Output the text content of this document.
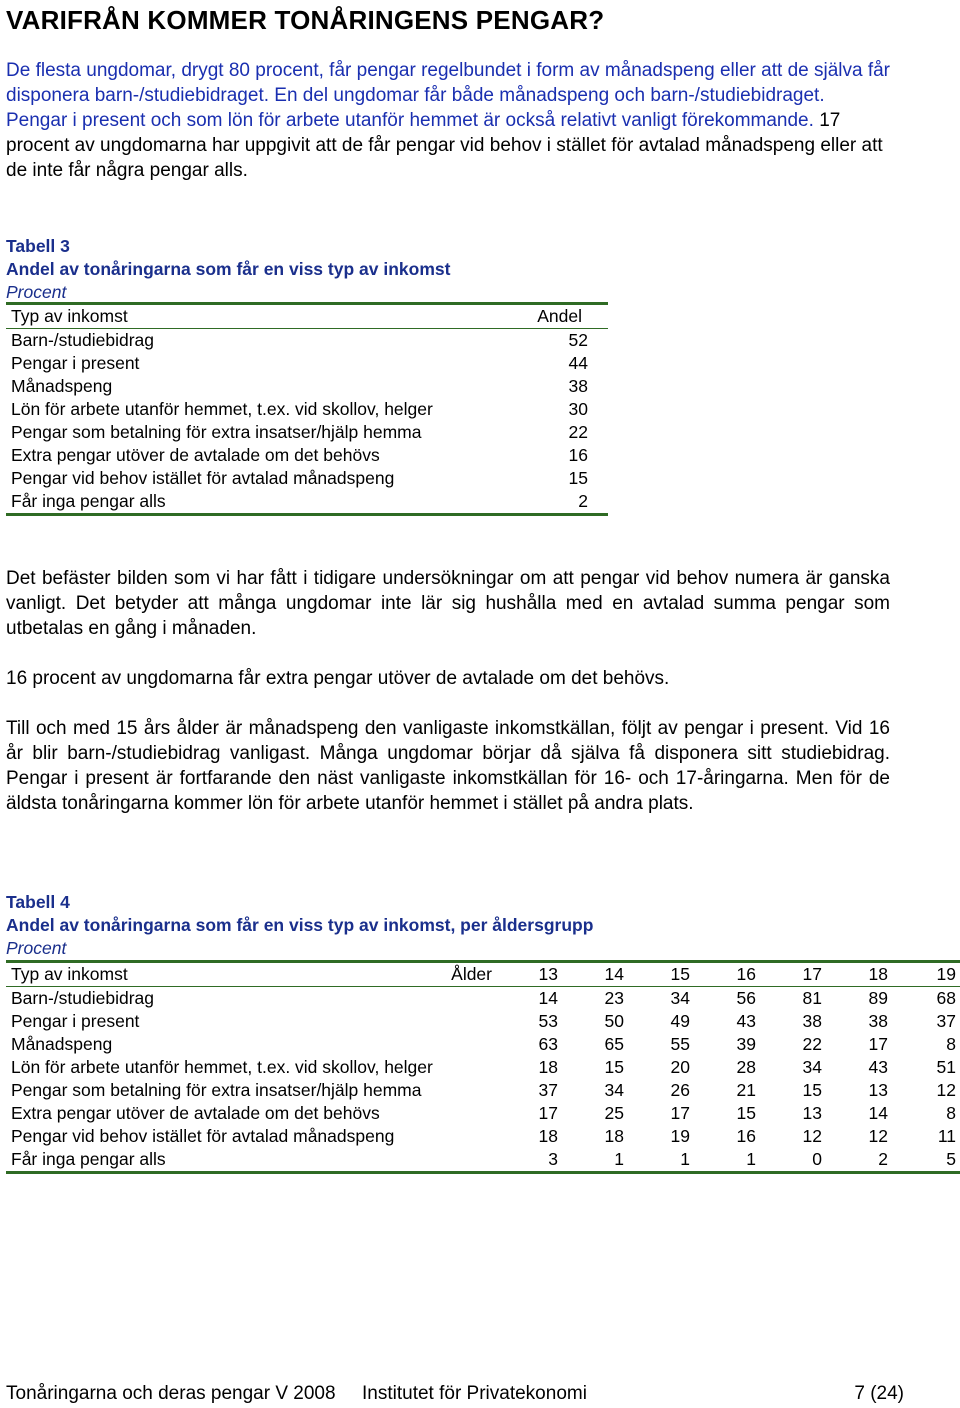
VARIFRÅN KOMMER TONÅRINGENS PENGAR?

De flesta ungdomar, drygt 80 procent, får pengar regelbundet i form av månadspeng eller att de själva får disponera barn-/studiebidraget. En del ungdomar får både månadspeng och barn-/studiebidraget. Pengar i present och som lön för arbete utanför hemmet är också relativt vanligt förekommande. 17 procent av ungdomarna har uppgivit att de får pengar vid behov i stället för avtalad månadspeng eller att de inte får några pengar alls.

Tabell 3
Andel av tonåringarna som får en viss typ av inkomst
Procent
Typ av inkomst	Andel
Barn-/studiebidrag	52
Pengar i present	44
Månadspeng	38
Lön för arbete utanför hemmet, t.ex. vid skollov, helger	30
Pengar som betalning för extra insatser/hjälp hemma	22
Extra pengar utöver de avtalade om det behövs	16
Pengar vid behov istället för avtalad månadspeng	15
Får inga pengar alls	2

Det befäster bilden som vi har fått i tidigare undersökningar om att pengar vid behov numera är ganska vanligt. Det betyder att många ungdomar inte lär sig hushålla med en avtalad summa pengar som utbetalas en gång i månaden.

16 procent av ungdomarna får extra pengar utöver de avtalade om det behövs.

Till och med 15 års ålder är månadspeng den vanligaste inkomstkällan, följt av pengar i present. Vid 16 år blir barn-/studiebidrag vanligast. Många ungdomar börjar då själva få disponera sitt studiebidrag. Pengar i present är fortfarande den näst vanligaste inkomstkällan för 16- och 17-åringarna. Men för de äldsta tonåringarna kommer lön för arbete utanför hemmet i stället på andra plats.

Tabell 4
Andel av tonåringarna som får en viss typ av inkomst, per åldersgrupp
Procent
Typ av inkomst	Ålder	13	14	15	16	17	18	19
Barn-/studiebidrag		14	23	34	56	81	89	68
Pengar i present		53	50	49	43	38	38	37
Månadspeng		63	65	55	39	22	17	8
Lön för arbete utanför hemmet, t.ex. vid skollov, helger		18	15	20	28	34	43	51
Pengar som betalning för extra insatser/hjälp hemma		37	34	26	21	15	13	12
Extra pengar utöver de avtalade om det behövs		17	25	17	15	13	14	8
Pengar vid behov istället för avtalad månadspeng		18	18	19	16	12	12	11
Får inga pengar alls		3	1	1	1	0	2	5
Tonåringarna och deras pengar V 2008 Institutet för Privatekonomi	7 (24)
